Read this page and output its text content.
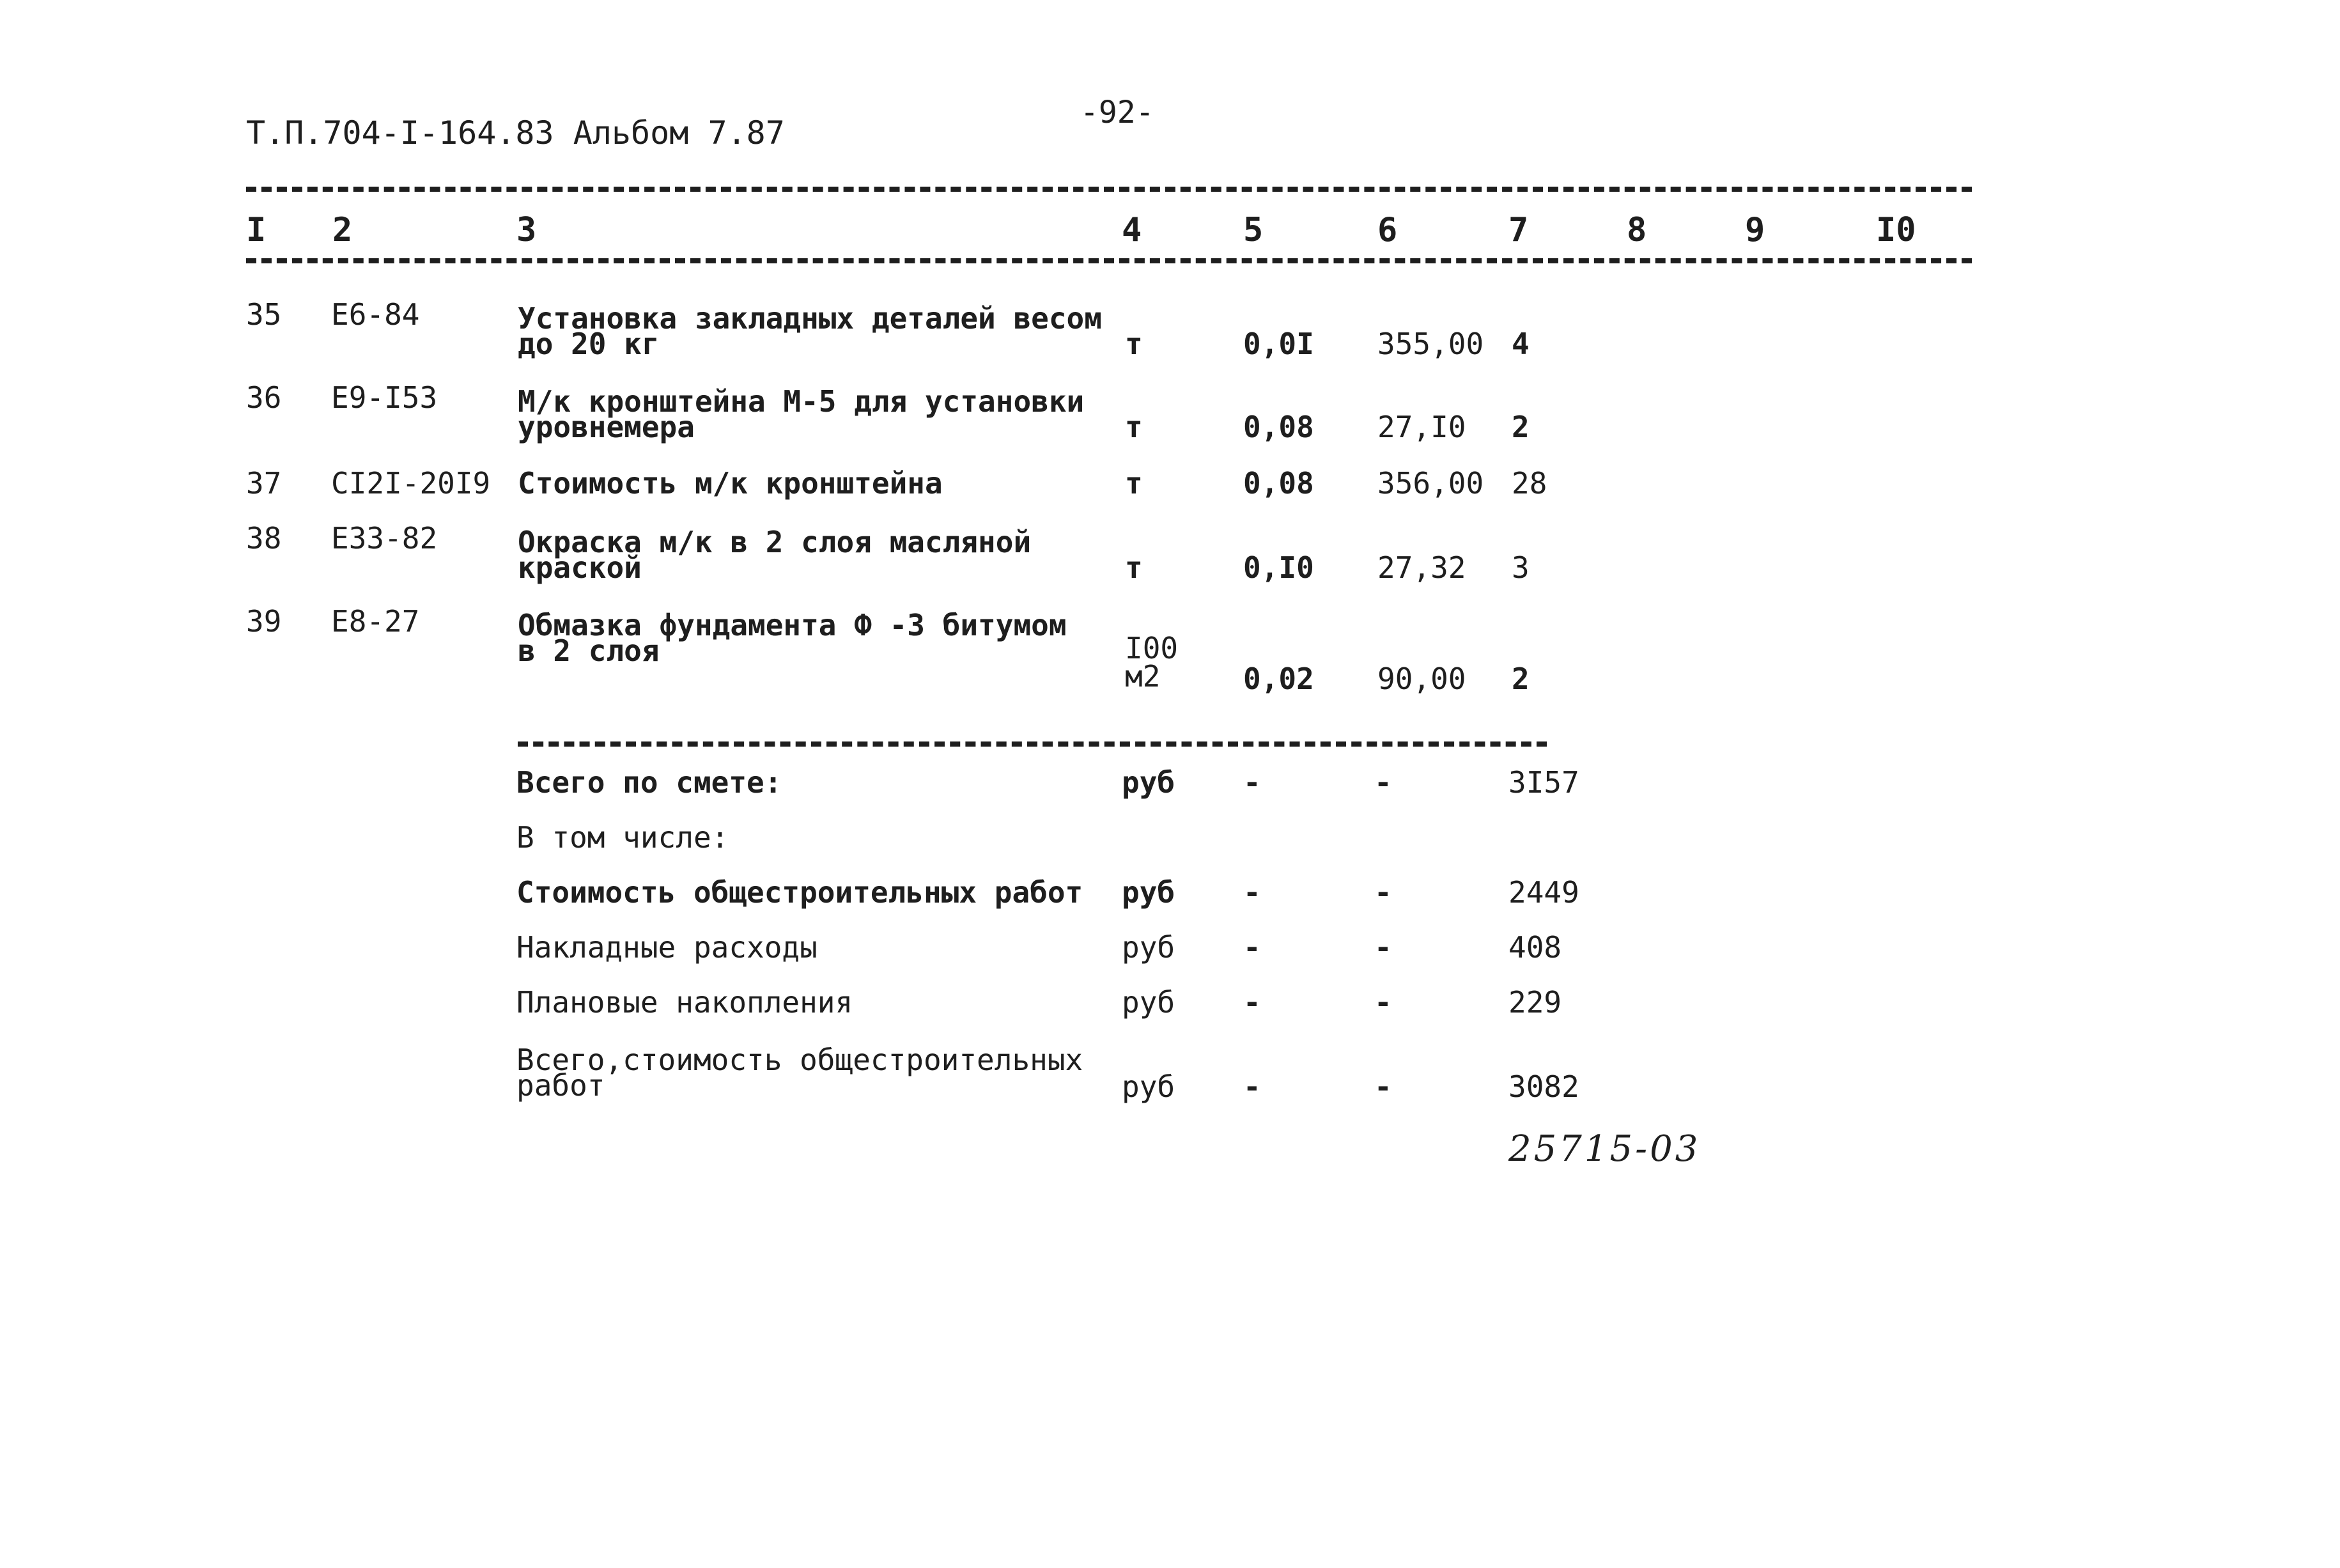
Т.П.704-I-164.83 Альбом 7.87
-92-
I 2	3	4	5	6	7	8	9	I0
35 Е6-84	Установка закладных деталей весом
до 20 кг	т	0,0I 355,00 4
36 Е9-I53	М/к кронштейна М-5 для установки
уровнемера	т	0,08 27,I0 2
37 CI2I-20I9 Стоимость м/к кронштейна	т	0,08 356,00 28
38 Е33-82	Окраска м/к в 2 слоя масляной
краской	т	0,I0 27,32 3
39 Е8-27	Обмазка фундамента Ф -3 битумом
в 2 слоя	I00
м2	0,02 90,00 2
Всего по смете:	руб -	-	3I57
В том числе:
Стоимость общестроительных работ руб -	-	2449
Накладные расходы	руб -	-	408
Плановые накопления	руб -	-	229
Всего,стоимость общестроительных
работ	руб -	-	3082
25715-03
